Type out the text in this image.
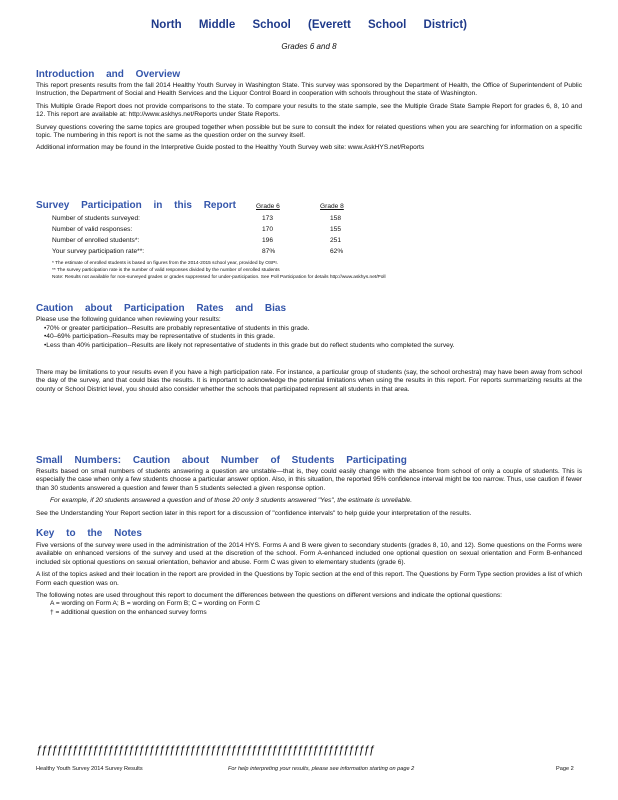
North Middle School (Everett School District)
Grades 6 and 8
Introduction and Overview
This report presents results from the fall 2014 Healthy Youth Survey in Washington State. This survey was sponsored by the Department of Health, the Office of Superintendent of Public Instruction, the Department of Social and Health Services and the Liquor Control Board in cooperation with schools throughout the state of Washington.
This Multiple Grade Report does not provide comparisons to the state. To compare your results to the state sample, see the Multiple Grade State Sample Report for grades 6, 8, 10 and 12. This report are available at: http://www.askhys.net/Reports under State Reports.
Survey questions covering the same topics are grouped together when possible but be sure to consult the index for related questions when you are searching for information on a specific topic. The numbering in this report is not the same as the question order on the survey itself.
Additional information may be found in the Interpretive Guide posted to the Healthy Youth Survey web site: www.AskHYS.net/Reports
Survey Participation in this Report	Grade 6	Grade 8
Number of students surveyed:	173	158
Number of valid responses:	170	155
Number of enrolled students*:	196	251
Your survey participation rate**:	87%	62%
* The estimate of enrolled students is based on figures from the 2014-2015 school year, provided by OSPI.
** The survey participation rate is the number of valid responses divided by the number of enrolled students
Note: Results not available for non-surveyed grades or grades suppressed for under-participation. See Poll Participation for details http://www.askhys.net/Poll
Caution about Participation Rates and Bias
Please use the following guidance when reviewing your results:
•70% or greater participation--Results are probably representative of students in this grade.
•40–69% participation--Results may be representative of students in this grade.
•Less than 40% participation--Results are likely not representative of students in this grade but do reflect students who completed the survey.
There may be limitations to your results even if you have a high participation rate. For instance, a particular group of students (say, the school orchestra) may have been away from school the day of the survey, and that could bias the results. It is important to acknowledge the potential limitations when using the results in this report. For reports summarizing results at the county or School District level, you should also consider whether the schools that participated represent all students in that area.
Small Numbers: Caution about Number of Students Participating
Results based on small numbers of students answering a question are unstable—that is, they could easily change with the absence from school of only a couple of students. This is especially the case when only a few students choose a particular answer option. Also, in this situation, the reported 95% confidence interval might be too narrow. Thus, use caution if fewer than 30 students answered a question and fewer than 5 students selected a given response option.
For example, if 20 students answered a question and of those 20 only 3 students answered "Yes", the estimate is unreliable.
See the Understanding Your Report section later in this report for a discussion of "confidence intervals" to help guide your interpretation of the results.
Key to the Notes
Five versions of the survey were used in the administration of the 2014 HYS. Forms A and B were given to secondary students (grades 8, 10, and 12). Some questions on the Forms were available on enhanced versions of the survey and used at the discretion of the school. Form A-enhanced included one optional question on sexual orientation and Form B-enhanced included six optional questions on sexual orientation, behavior and abuse. Form C was given to elementary students (grade 6).
A list of the topics asked and their location in the report are provided in the Questions by Topic section at the end of this report. The Questions by Form Type section provides a list of which Form each question was on.
The following notes are used throughout this report to document the differences between the questions on different versions and indicate the optional questions:
A = wording on Form A; B = wording on Form B; C = wording on Form C
† = additional question on the enhanced survey forms
ƒƒƒƒƒƒƒƒƒƒƒƒƒƒƒƒƒƒƒƒƒƒƒƒƒƒƒƒƒƒƒƒƒƒƒƒƒƒƒƒƒƒƒƒƒƒƒƒƒƒƒƒƒƒƒƒƒƒƒƒƒƒƒƒƒƒ
Healthy Youth Survey 2014 Survey Results	For help interpreting your results, please see information starting on page 2	Page 2
